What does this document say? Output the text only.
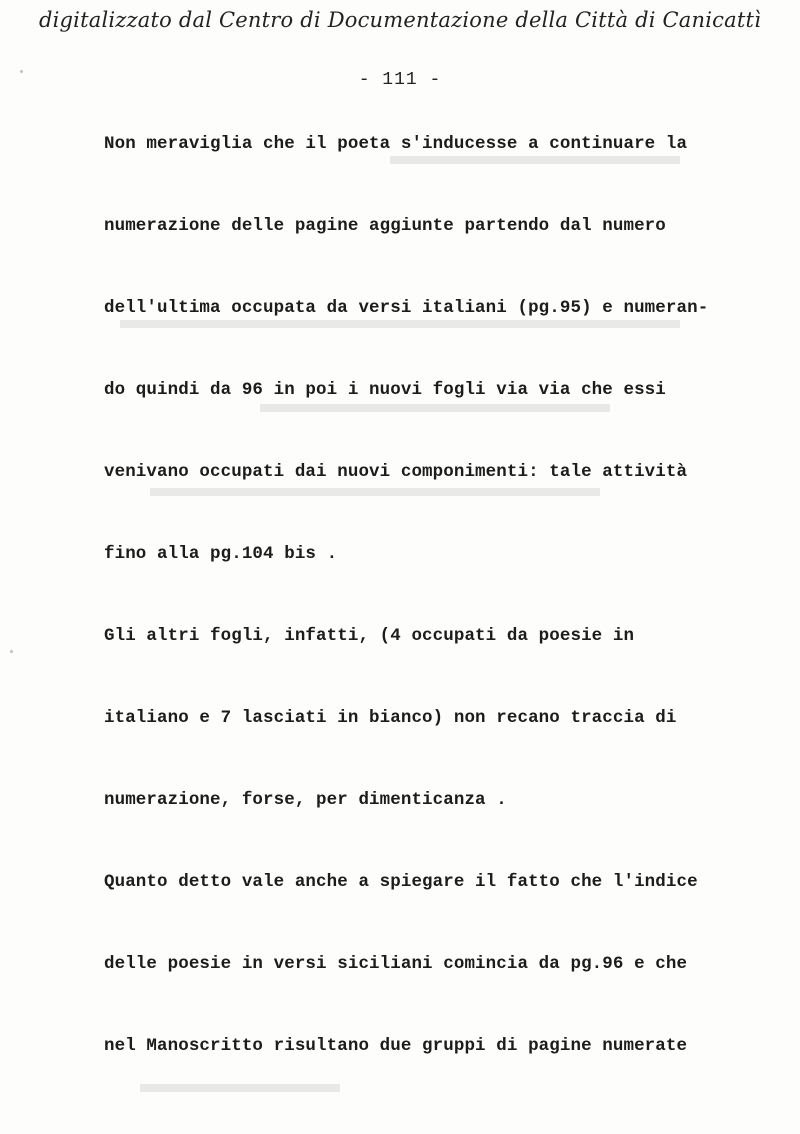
digitalizzato dal Centro di Documentazione della Città di Canicattì
- 111 -
Non meraviglia che il poeta s'inducesse a continuare la
numerazione delle pagine aggiunte partendo dal numero
dell'ultima occupata da versi italiani (pg.95) e numeran-
do quindi da 96 in poi i nuovi fogli via via che essi
venivano occupati dai nuovi componimenti: tale attività
fino alla pg.104 bis .
Gli altri fogli, infatti, (4 occupati da poesie in
italiano e 7 lasciati in bianco) non recano traccia di
numerazione, forse, per dimenticanza .
Quanto detto vale anche a spiegare il fatto che l'indice
delle poesie in versi siciliani comincia da pg.96 e che
nel Manoscritto risultano due gruppi di pagine numerate
